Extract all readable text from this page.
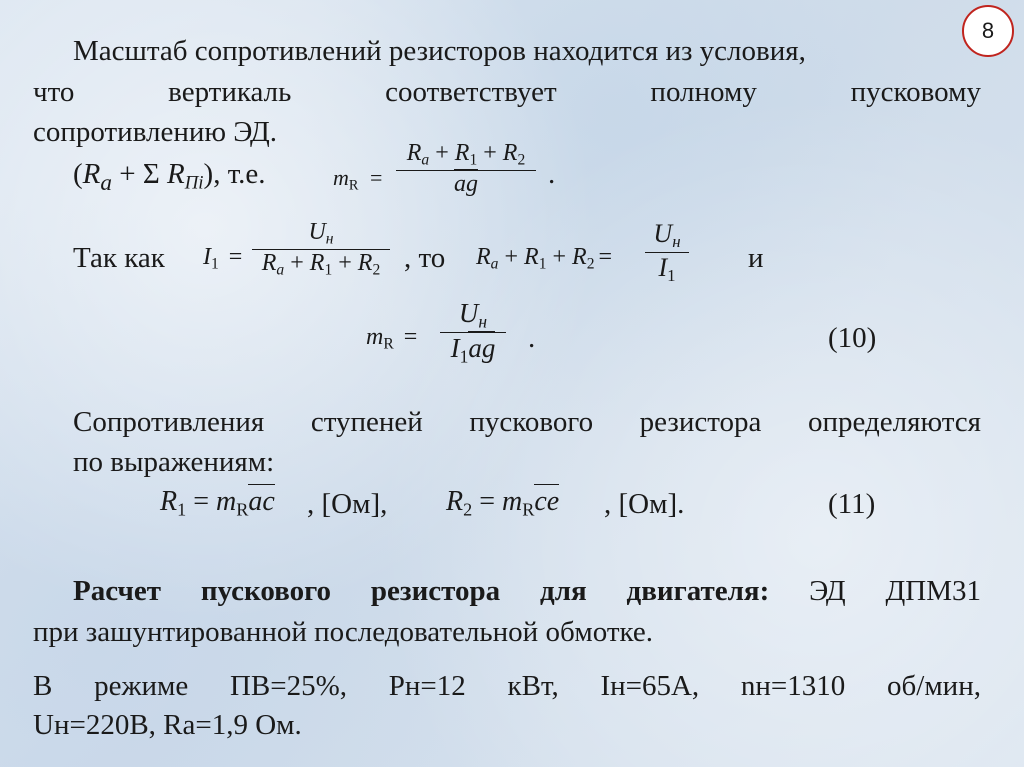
8
Масштаб сопротивлений резисторов находится из условия,
что	вертикаль	соответствует	полному	пусковому
сопротивлению ЭД.
($R_a + \Sigma$ RПi), т.е.	$m_R$ =
$Ra + R_1 + R_2$
ag	.
Так как $I_1$ =
Uн
$Ra + R_1 + R_2$ , то $Ra + R_1 + R_2$ =
Uн
$I_1$
и
$m_R$ =
Uн
$I_1ag$	.	(10)
Сопротивления ступеней пускового резистора определяются
по выражениям:
$R_1 = m_Rac$ , [Ом], $R_2 = m_Rce$ , [Ом].	(11)
Расчет пускового резистора для двигателя: ЭД ДПМ31
при зашунтированной последовательной обмотке.
В режиме ПВ=25%, Pн=12 кВт, Iн=65А, nн=1310 об/мин,
Uн=220В, Rа=1,9 Ом.
